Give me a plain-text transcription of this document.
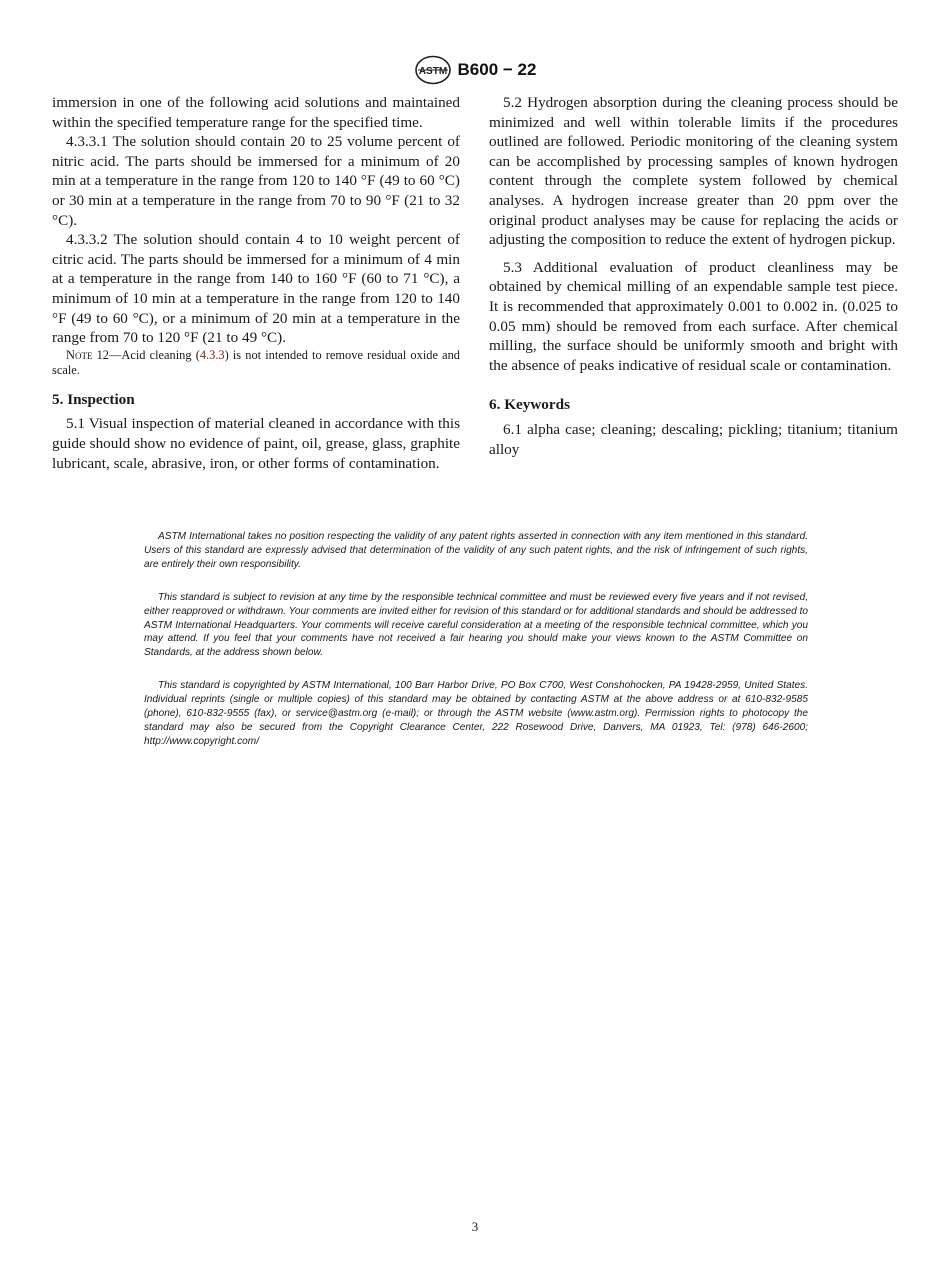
ASTM B600 − 22

immersion in one of the following acid solutions and maintained within the specified temperature range for the specified time.

4.3.3.1 The solution should contain 20 to 25 volume percent of nitric acid. The parts should be immersed for a minimum of 20 min at a temperature in the range from 120 to 140 °F (49 to 60 °C) or 30 min at a temperature in the range from 70 to 90 °F (21 to 32 °C).

4.3.3.2 The solution should contain 4 to 10 weight percent of citric acid. The parts should be immersed for a minimum of 4 min at a temperature in the range from 140 to 160 °F (60 to 71 °C), a minimum of 10 min at a temperature in the range from 120 to 140 °F (49 to 60 °C), or a minimum of 20 min at a temperature in the range from 70 to 120 °F (21 to 49 °C).

Note 12—Acid cleaning (4.3.3) is not intended to remove residual oxide and scale.

5. Inspection

5.1 Visual inspection of material cleaned in accordance with this guide should show no evidence of paint, oil, grease, glass, graphite lubricant, scale, abrasive, iron, or other forms of contamination.

5.2 Hydrogen absorption during the cleaning process should be minimized and well within tolerable limits if the procedures outlined are followed. Periodic monitoring of the cleaning system can be accomplished by processing samples of known hydrogen content through the complete system followed by chemical analyses. A hydrogen increase greater than 20 ppm over the original product analyses may be cause for replacing the acids or adjusting the composition to reduce the extent of hydrogen pickup.

5.3 Additional evaluation of product cleanliness may be obtained by chemical milling of an expendable sample test piece. It is recommended that approximately 0.001 to 0.002 in. (0.025 to 0.05 mm) should be removed from each surface. After chemical milling, the surface should be uniformly smooth and bright with the absence of peaks indicative of residual scale or contamination.

6. Keywords

6.1 alpha case; cleaning; descaling; pickling; titanium; titanium alloy

ASTM International takes no position respecting the validity of any patent rights asserted in connection with any item mentioned in this standard. Users of this standard are expressly advised that determination of the validity of any such patent rights, and the risk of infringement of such rights, are entirely their own responsibility.

This standard is subject to revision at any time by the responsible technical committee and must be reviewed every five years and if not revised, either reapproved or withdrawn. Your comments are invited either for revision of this standard or for additional standards and should be addressed to ASTM International Headquarters. Your comments will receive careful consideration at a meeting of the responsible technical committee, which you may attend. If you feel that your comments have not received a fair hearing you should make your views known to the ASTM Committee on Standards, at the address shown below.

This standard is copyrighted by ASTM International, 100 Barr Harbor Drive, PO Box C700, West Conshohocken, PA 19428-2959, United States. Individual reprints (single or multiple copies) of this standard may be obtained by contacting ASTM at the above address or at 610-832-9585 (phone), 610-832-9555 (fax), or service@astm.org (e-mail); or through the ASTM website (www.astm.org). Permission rights to photocopy the standard may also be secured from the Copyright Clearance Center, 222 Rosewood Drive, Danvers, MA 01923, Tel: (978) 646-2600; http://www.copyright.com/

3
